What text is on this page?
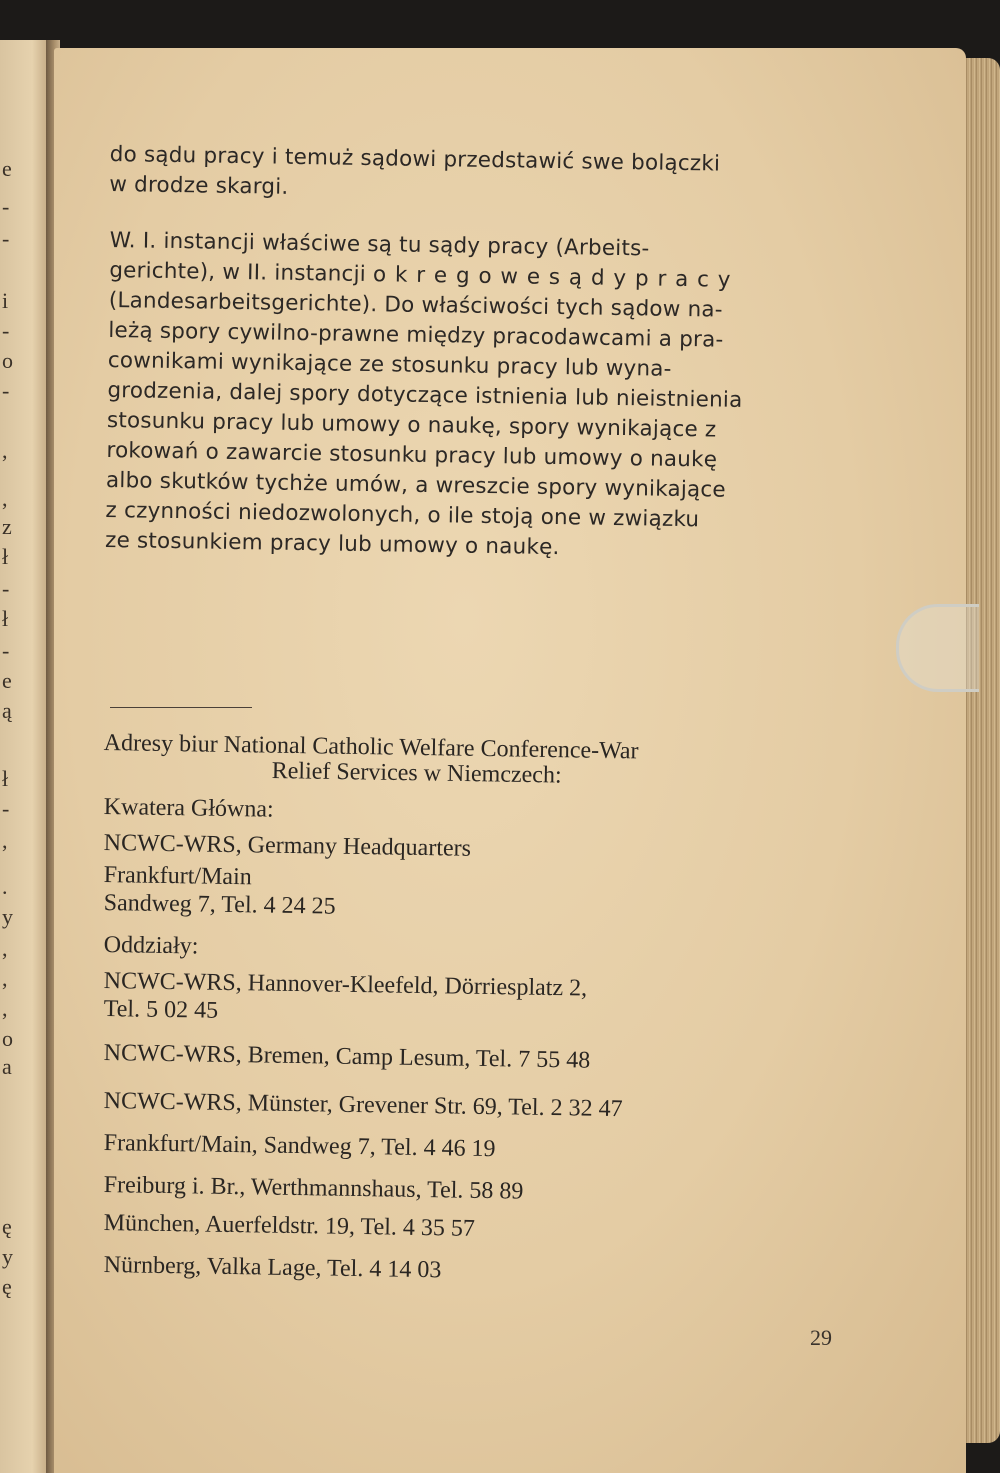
e
-
-
i
-
o
-
,
,
z
ł
-
ł
-
e
ą
ł
-
,
.
y
,
,
,
o
a
ę
y
ę

do sądu pracy i temuż sądowi przedstawić swe bolączki
w drodze skargi.

W. I. instancji właściwe są tu sądy pracy (Arbeits-
gerichte), w II. instancji o k r e g o w e s ą d y p r a c y
(Landesarbeitsgerichte). Do właściwości tych sądow na-
leżą spory cywilno-prawne między pracodawcami a pra-
cownikami wynikające ze stosunku pracy lub wyna-
grodzenia, dalej spory dotyczące istnienia lub nieistnienia
stosunku pracy lub umowy o naukę, spory wynikające z
rokowań o zawarcie stosunku pracy lub umowy o naukę
albo skutków tychże umów, a wreszcie spory wynikające
z czynności niedozwolonych, o ile stoją one w związku
ze stosunkiem pracy lub umowy o naukę.

Adresy biur National Catholic Welfare Conference-War
Relief Services w Niemczech:
Kwatera Główna:
NCWC-WRS, Germany Headquarters
Frankfurt/Main
Sandweg 7, Tel. 4 24 25
Oddziały:
NCWC-WRS, Hannover-Kleefeld, Dörriesplatz 2,
Tel. 5 02 45
NCWC-WRS, Bremen, Camp Lesum, Tel. 7 55 48
NCWC-WRS, Münster, Grevener Str. 69, Tel. 2 32 47
Frankfurt/Main, Sandweg 7, Tel. 4 46 19
Freiburg i. Br., Werthmannshaus, Tel. 58 89
München, Auerfeldstr. 19, Tel. 4 35 57
Nürnberg, Valka Lage, Tel. 4 14 03
29
